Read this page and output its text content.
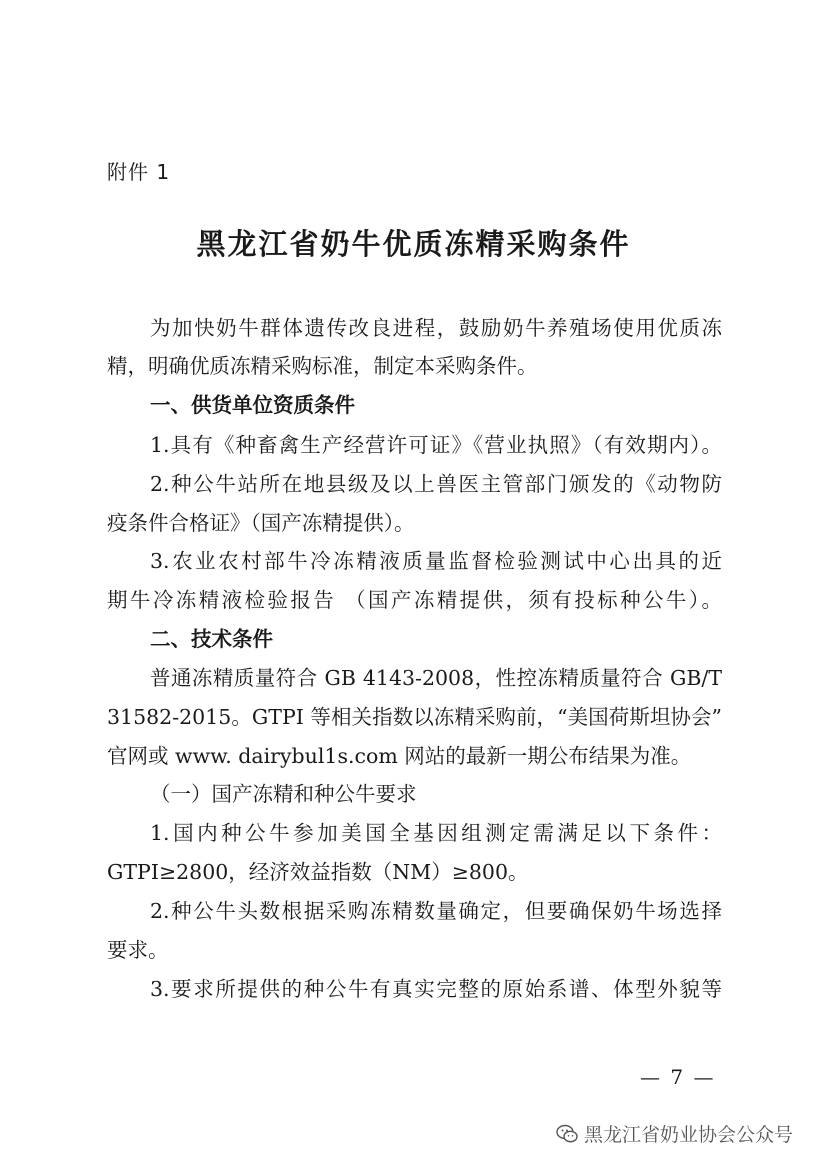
附件 1
黑龙江省奶牛优质冻精采购条件
为加快奶牛群体遗传改良进程，鼓励奶牛养殖场使用优质冻
精，明确优质冻精采购标准，制定本采购条件。
一、供货单位资质条件
1.具有《种畜禽生产经营许可证》《营业执照》（有效期内）。
2.种公牛站所在地县级及以上兽医主管部门颁发的《动物防
疫条件合格证》（国产冻精提供）。
3.农业农村部牛冷冻精液质量监督检验测试中心出具的近
期牛冷冻精液检验报告 （国产冻精提供，须有投标种公牛）。
二、技术条件
普通冻精质量符合 GB 4143-2008，性控冻精质量符合 GB/T
31582-2015。GTPI 等相关指数以冻精采购前，“美国荷斯坦协会”
官网或 www. dairybul1s.com 网站的最新一期公布结果为准。
（一）国产冻精和种公牛要求
1.国内种公牛参加美国全基因组测定需满足以下条件：
GTPI≥2800，经济效益指数（NM）≥800。
2.种公牛头数根据采购冻精数量确定，但要确保奶牛场选择
要求。
3.要求所提供的种公牛有真实完整的原始系谱、体型外貌等
— 7 —
黑龙江省奶业协会公众号
